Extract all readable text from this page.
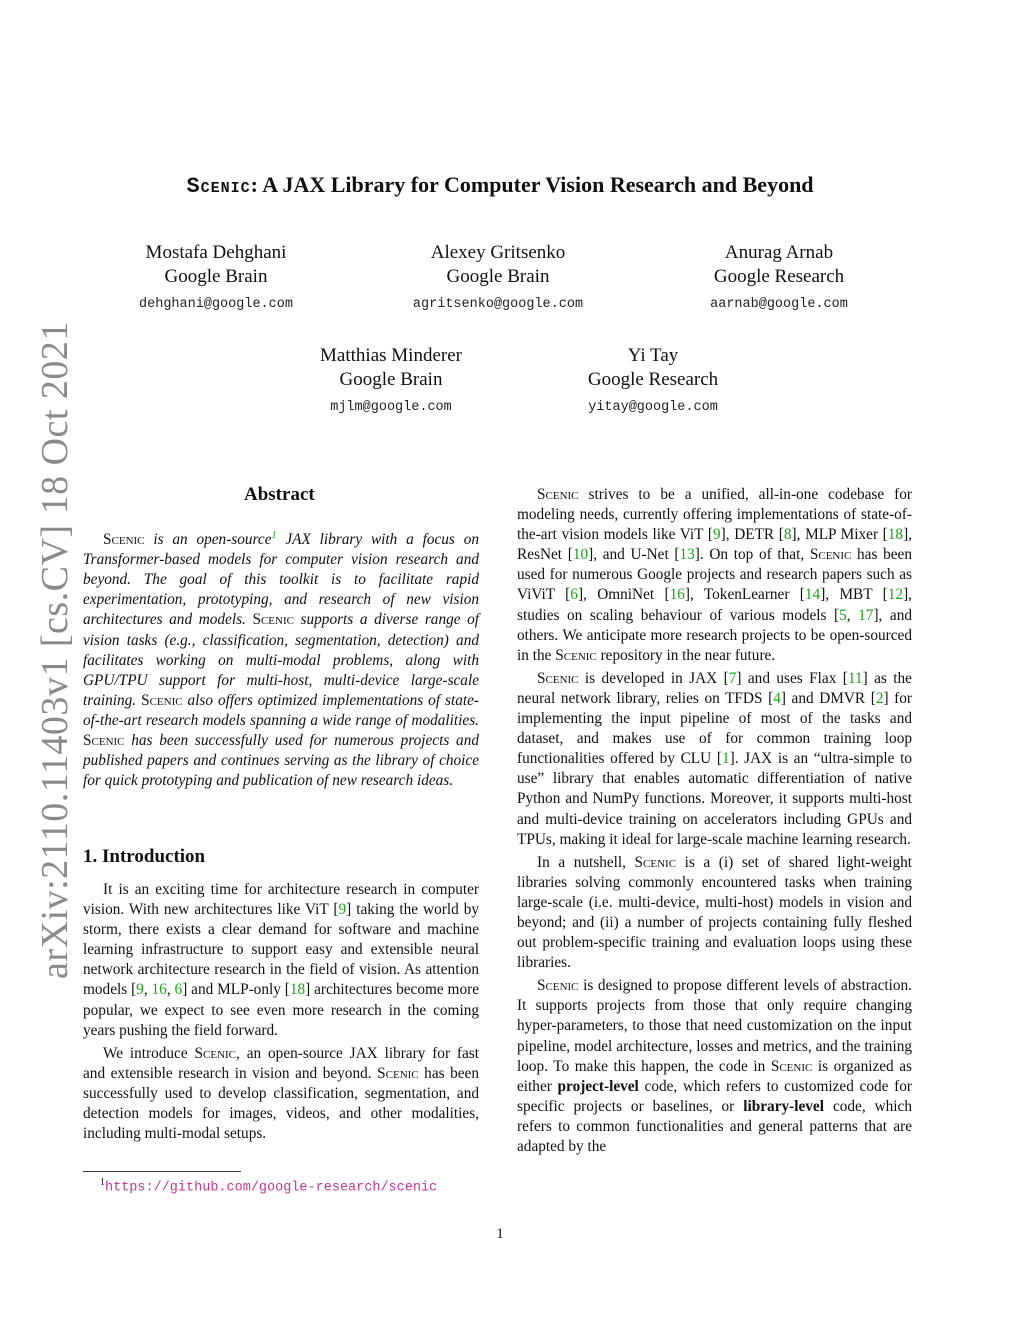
arXiv:2110.11403v1 [cs.CV] 18 Oct 2021
Scenic: A JAX Library for Computer Vision Research and Beyond
Mostafa Dehghani
Google Brain
dehghani@google.com
Alexey Gritsenko
Google Brain
agritsenko@google.com
Anurag Arnab
Google Research
aarnab@google.com
Matthias Minderer
Google Brain
mjlm@google.com
Yi Tay
Google Research
yitay@google.com
Abstract

Scenic is an open-source$^1$ JAX library with a focus on Transformer-based models for computer vision research and beyond. The goal of this toolkit is to facilitate rapid experimentation, prototyping, and research of new vision architectures and models. Scenic supports a diverse range of vision tasks (e.g., classification, segmentation, detection) and facilitates working on multi-modal problems, along with GPU/TPU support for multi-host, multi-device large-scale training. Scenic also offers optimized implementations of state-of-the-art research models spanning a wide range of modalities. Scenic has been successfully used for numerous projects and published papers and continues serving as the library of choice for quick prototyping and publication of new research ideas.

1. Introduction

It is an exciting time for architecture research in computer vision. With new architectures like ViT [9] taking the world by storm, there exists a clear demand for software and machine learning infrastructure to support easy and extensible neural network architecture research in the field of vision. As attention models [9, 16, 6] and MLP-only [18] architectures become more popular, we expect to see even more research in the coming years pushing the field forward.

We introduce Scenic, an open-source JAX library for fast and extensible research in vision and beyond. Scenic has been successfully used to develop classification, segmentation, and detection models for images, videos, and other modalities, including multi-modal setups.

$^1$https://github.com/google-research/scenic

Scenic strives to be a unified, all-in-one codebase for modeling needs, currently offering implementations of state-of-the-art vision models like ViT [9], DETR [8], MLP Mixer [18], ResNet [10], and U-Net [13]. On top of that, Scenic has been used for numerous Google projects and research papers such as ViViT [6], OmniNet [16], TokenLearner [14], MBT [12], studies on scaling behaviour of various models [5, 17], and others. We anticipate more research projects to be open-sourced in the Scenic repository in the near future.

Scenic is developed in JAX [7] and uses Flax [11] as the neural network library, relies on TFDS [4] and DMVR [2] for implementing the input pipeline of most of the tasks and dataset, and makes use of for common training loop functionalities offered by CLU [1]. JAX is an “ultra-simple to use” library that enables automatic differentiation of native Python and NumPy functions. Moreover, it supports multi-host and multi-device training on accelerators including GPUs and TPUs, making it ideal for large-scale machine learning research.

In a nutshell, Scenic is a (i) set of shared light-weight libraries solving commonly encountered tasks when training large-scale (i.e. multi-device, multi-host) models in vision and beyond; and (ii) a number of projects containing fully fleshed out problem-specific training and evaluation loops using these libraries.

Scenic is designed to propose different levels of abstraction. It supports projects from those that only require changing hyper-parameters, to those that need customization on the input pipeline, model architecture, losses and metrics, and the training loop. To make this happen, the code in Scenic is organized as either project-level code, which refers to customized code for specific projects or baselines, or library-level code, which refers to common functionalities and general patterns that are adapted by the

1
